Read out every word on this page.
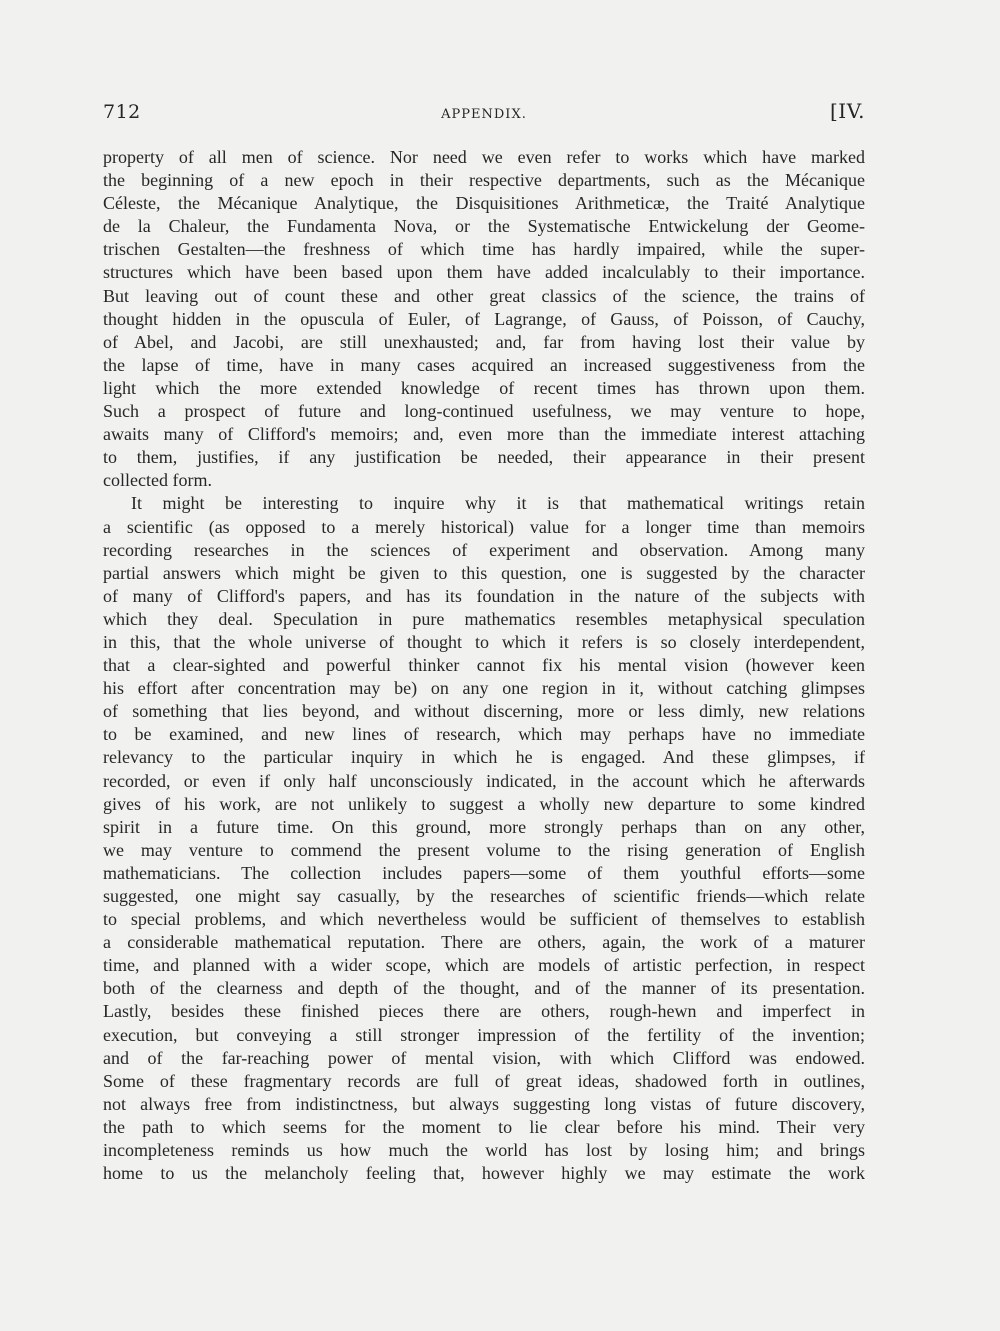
712	APPENDIX.	[IV.
property of all men of science. Nor need we even refer to works which have marked
the beginning of a new epoch in their respective departments, such as the Mécanique
Céleste, the Mécanique Analytique, the Disquisitiones Arithmeticæ, the Traité Analytique
de la Chaleur, the Fundamenta Nova, or the Systematische Entwickelung der Geome-
trischen Gestalten—the freshness of which time has hardly impaired, while the super-
structures which have been based upon them have added incalculably to their importance.
But leaving out of count these and other great classics of the science, the trains of
thought hidden in the opuscula of Euler, of Lagrange, of Gauss, of Poisson, of Cauchy,
of Abel, and Jacobi, are still unexhausted; and, far from having lost their value by
the lapse of time, have in many cases acquired an increased suggestiveness from the
light which the more extended knowledge of recent times has thrown upon them.
Such a prospect of future and long-continued usefulness, we may venture to hope,
awaits many of Clifford's memoirs; and, even more than the immediate interest attaching
to them, justifies, if any justification be needed, their appearance in their present
collected form.
It might be interesting to inquire why it is that mathematical writings retain
a scientific (as opposed to a merely historical) value for a longer time than memoirs
recording researches in the sciences of experiment and observation. Among many
partial answers which might be given to this question, one is suggested by the character
of many of Clifford's papers, and has its foundation in the nature of the subjects with
which they deal. Speculation in pure mathematics resembles metaphysical speculation
in this, that the whole universe of thought to which it refers is so closely interdependent,
that a clear-sighted and powerful thinker cannot fix his mental vision (however keen
his effort after concentration may be) on any one region in it, without catching glimpses
of something that lies beyond, and without discerning, more or less dimly, new relations
to be examined, and new lines of research, which may perhaps have no immediate
relevancy to the particular inquiry in which he is engaged. And these glimpses, if
recorded, or even if only half unconsciously indicated, in the account which he afterwards
gives of his work, are not unlikely to suggest a wholly new departure to some kindred
spirit in a future time. On this ground, more strongly perhaps than on any other,
we may venture to commend the present volume to the rising generation of English
mathematicians. The collection includes papers—some of them youthful efforts—some
suggested, one might say casually, by the researches of scientific friends—which relate
to special problems, and which nevertheless would be sufficient of themselves to establish
a considerable mathematical reputation. There are others, again, the work of a maturer
time, and planned with a wider scope, which are models of artistic perfection, in respect
both of the clearness and depth of the thought, and of the manner of its presentation.
Lastly, besides these finished pieces there are others, rough-hewn and imperfect in
execution, but conveying a still stronger impression of the fertility of the invention;
and of the far-reaching power of mental vision, with which Clifford was endowed.
Some of these fragmentary records are full of great ideas, shadowed forth in outlines,
not always free from indistinctness, but always suggesting long vistas of future discovery,
the path to which seems for the moment to lie clear before his mind. Their very
incompleteness reminds us how much the world has lost by losing him; and brings
home to us the melancholy feeling that, however highly we may estimate the work
